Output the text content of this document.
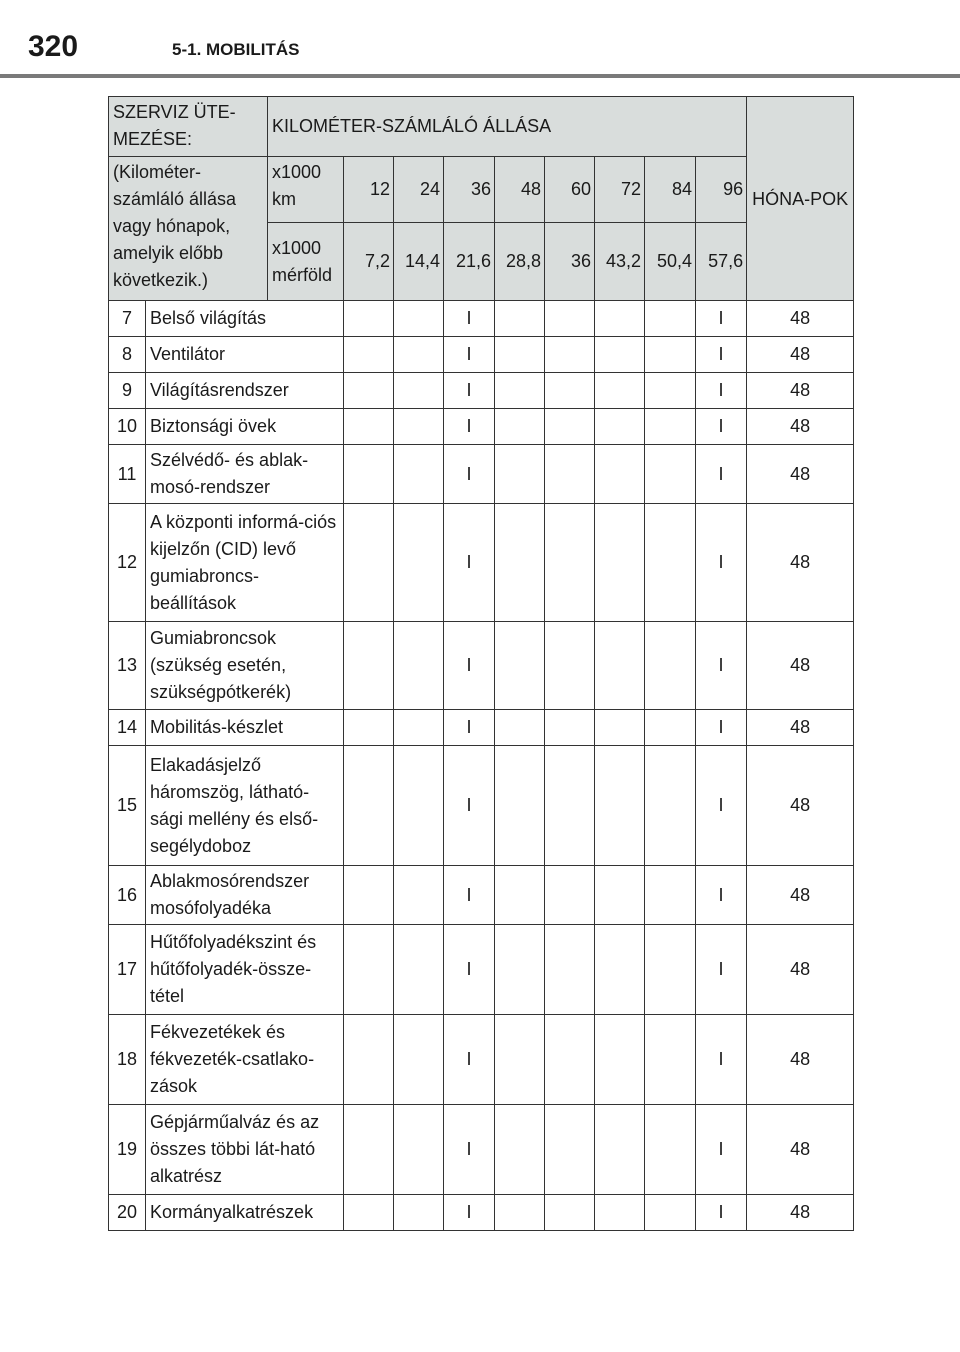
320	5-1. MOBILITÁS
SZERVIZ ÜTE-MEZÉSE:		KILOMÉTER-SZÁMLÁLÓ ÁLLÁSA									HÓNA-POK
(Kilométer-számláló állása vagy hónapok, amelyik előbb következik.)		x1000 km	12	24	36	48	60	72	84	96	
		x1000 mérföld	7,2	14,4	21,6	28,8	36	43,2	50,4	57,6	
7	Belső világítás				I					I	48
8	Ventilátor				I					I	48
9	Világításrendszer				I					I	48
10	Biztonsági övek				I					I	48
11	Szélvédő- és ablak-mosó-rendszer				I					I	48
12	A központi informá-ciós kijelzőn (CID) levő gumiabroncs-beállítások				I					I	48
13	Gumiabroncsok (szükség esetén, szükségpótkerék)				I					I	48
14	Mobilitás-készlet				I					I	48
15	Elakadásjelző háromszög, látható-sági mellény és első-segélydoboz				I					I	48
16	Ablakmosórendszer mosófolyadéka				I					I	48
17	Hűtőfolyadékszint és hűtőfolyadék-össze-tétel				I					I	48
18	Fékvezetékek és fékvezeték-csatlako-zások				I					I	48
19	Gépjárműalváz és az összes többi lát-ható alkatrész				I					I	48
20	Kormányalkatrészek				I					I	48
